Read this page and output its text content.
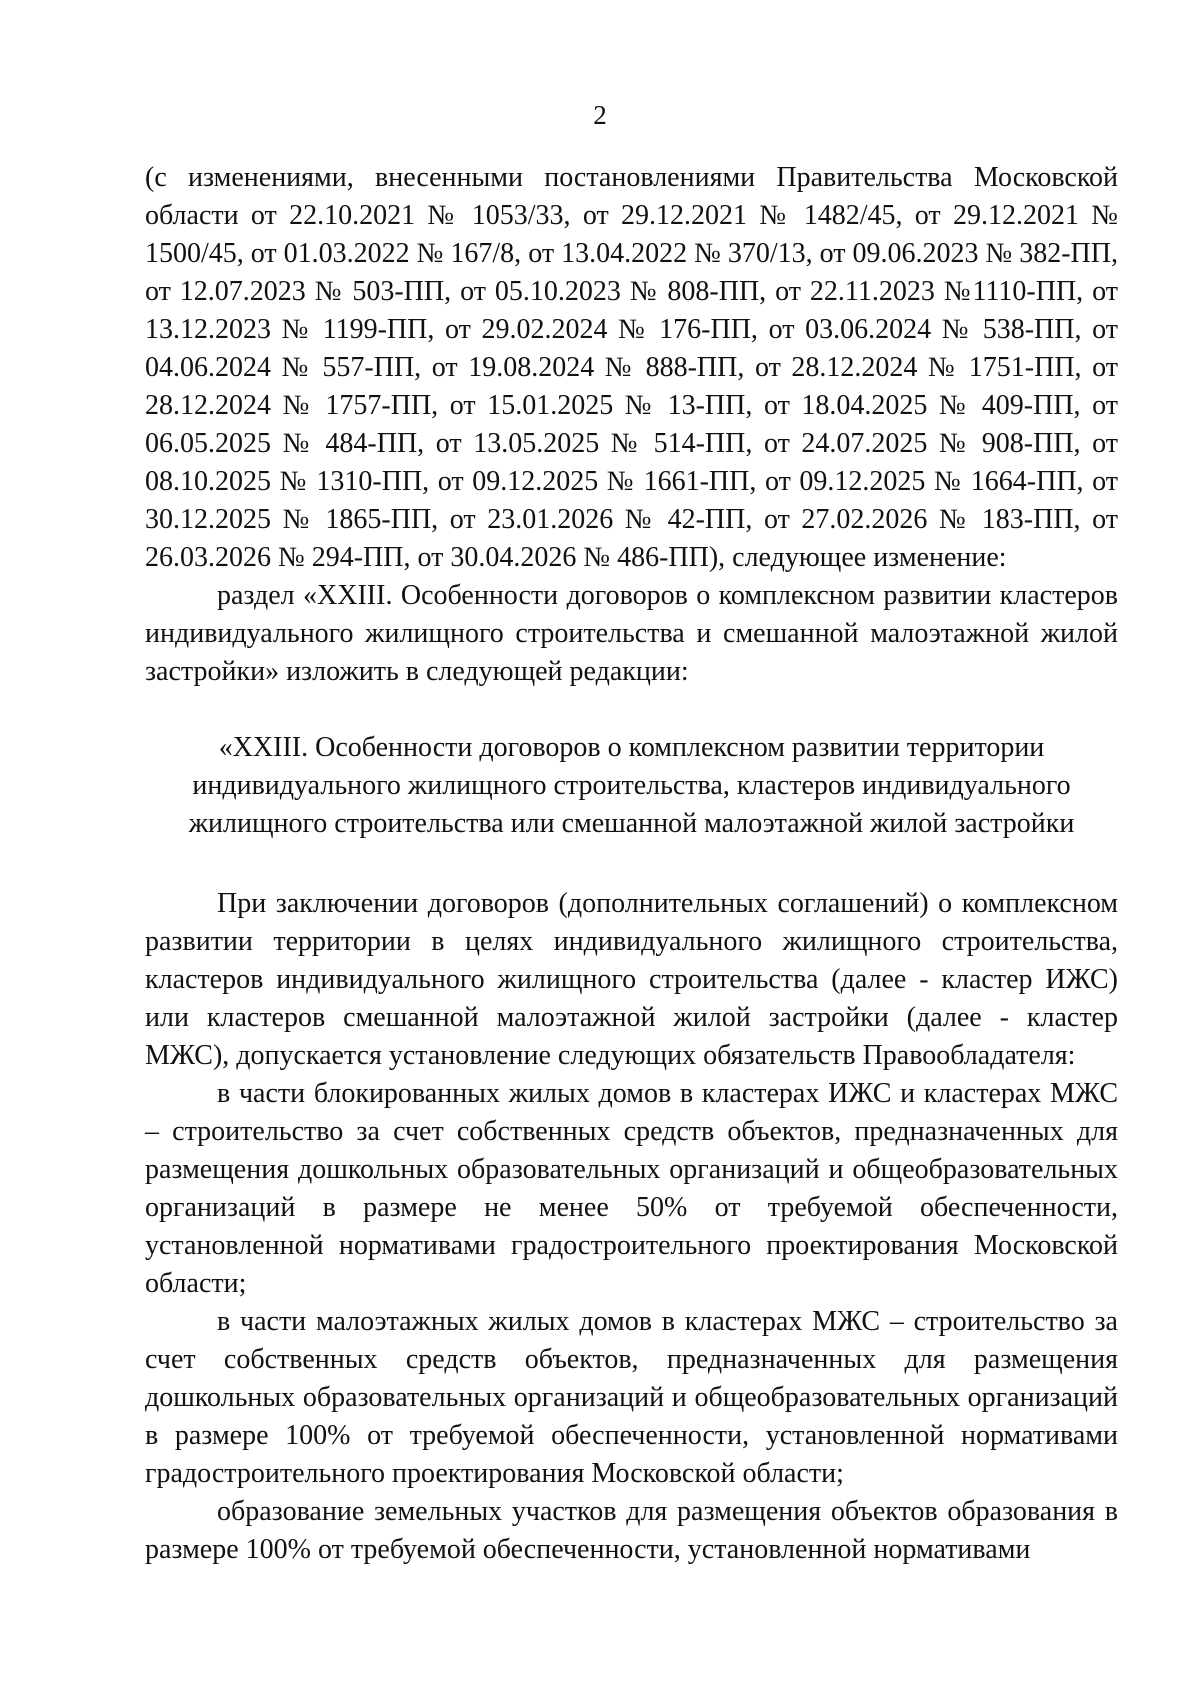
2

(с изменениями, внесенными постановлениями Правительства Московской области от 22.10.2021 № 1053/33, от 29.12.2021 № 1482/45, от 29.12.2021 № 1500/45, от 01.03.2022 № 167/8, от 13.04.2022 № 370/13, от 09.06.2023 № 382-ПП, от 12.07.2023 № 503-ПП, от 05.10.2023 № 808-ПП, от 22.11.2023 №1110-ПП, от 13.12.2023 № 1199-ПП, от 29.02.2024 № 176-ПП, от 03.06.2024 № 538-ПП, от 04.06.2024 № 557-ПП, от 19.08.2024 № 888-ПП, от 28.12.2024 № 1751-ПП, от 28.12.2024 № 1757-ПП, от 15.01.2025 № 13-ПП, от 18.04.2025 № 409-ПП, от 06.05.2025 № 484-ПП, от 13.05.2025 № 514-ПП, от 24.07.2025 № 908-ПП, от 08.10.2025 № 1310-ПП, от 09.12.2025 № 1661-ПП, от 09.12.2025 № 1664-ПП, от 30.12.2025 № 1865-ПП, от 23.01.2026 № 42-ПП, от 27.02.2026 № 183-ПП, от 26.03.2026 № 294-ПП, от 30.04.2026 № 486-ПП), следующее изменение:

раздел «XXIII. Особенности договоров о комплексном развитии кластеров индивидуального жилищного строительства и смешанной малоэтажной жилой застройки» изложить в следующей редакции:

«XXIII. Особенности договоров о комплексном развитии территории
индивидуального жилищного строительства, кластеров индивидуального
жилищного строительства или смешанной малоэтажной жилой застройки

При заключении договоров (дополнительных соглашений) о комплексном развитии территории в целях индивидуального жилищного строительства, кластеров индивидуального жилищного строительства (далее - кластер ИЖС) или кластеров смешанной малоэтажной жилой застройки (далее - кластер МЖС), допускается установление следующих обязательств Правообладателя:

в части блокированных жилых домов в кластерах ИЖС и кластерах МЖС – строительство за счет собственных средств объектов, предназначенных для размещения дошкольных образовательных организаций и общеобразовательных организаций в размере не менее 50% от требуемой обеспеченности, установленной нормативами градостроительного проектирования Московской области;

в части малоэтажных жилых домов в кластерах МЖС – строительство за счет собственных средств объектов, предназначенных для размещения дошкольных образовательных организаций и общеобразовательных организаций в размере 100% от требуемой обеспеченности, установленной нормативами градостроительного проектирования Московской области;

образование земельных участков для размещения объектов образования в размере 100% от требуемой обеспеченности, установленной нормативами
